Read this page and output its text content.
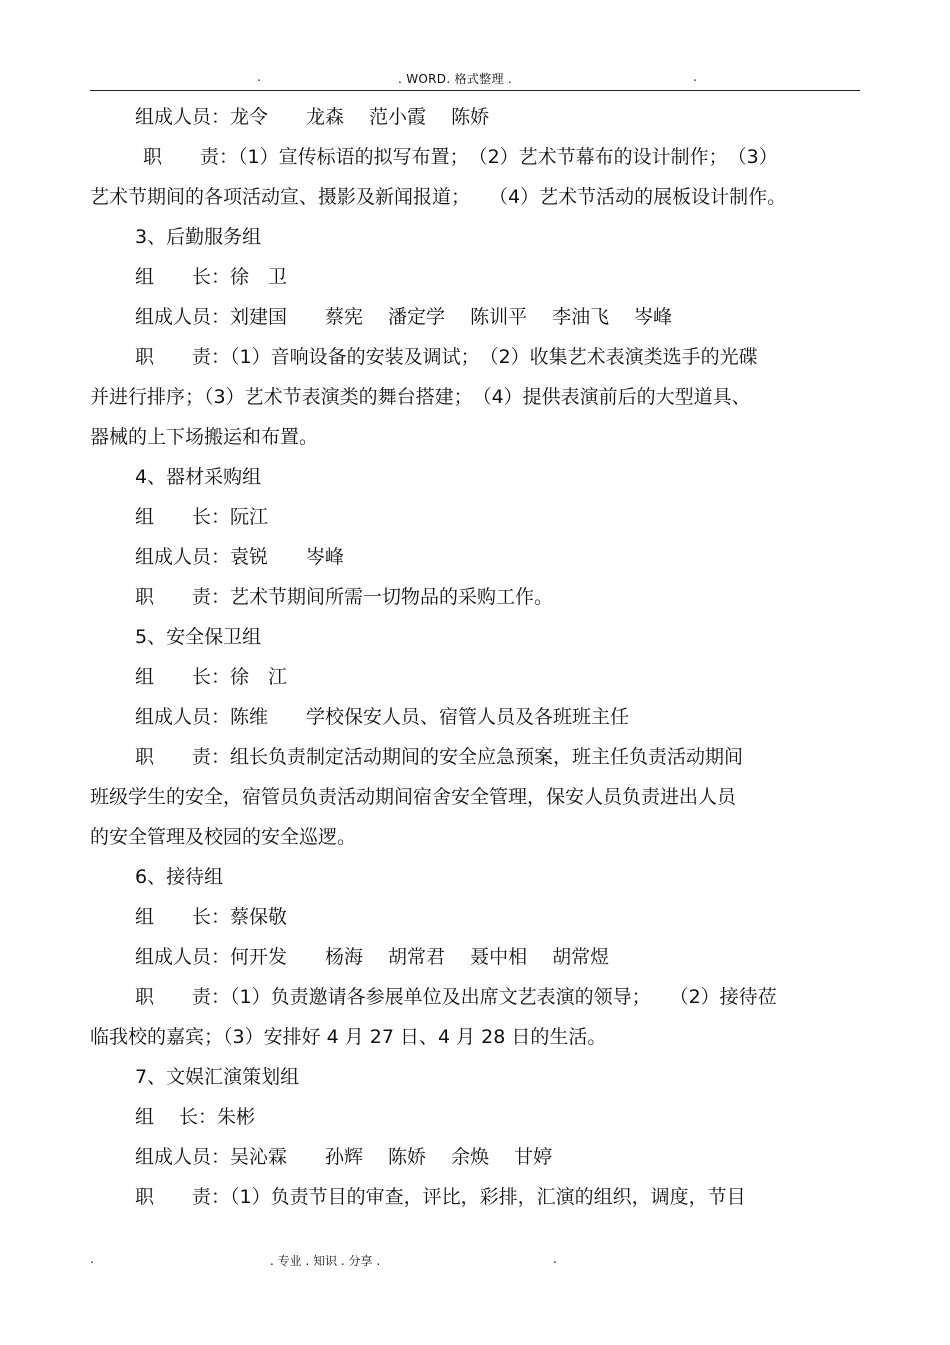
.	. WORD. 格式整理 .	.
组成人员：龙令　　龙森　 范小霞　 陈娇
职　　责：（1）宣传标语的拟写布置；　（2）艺术节幕布的设计制作；　（3）
艺术节期间的各项活动宣、摄影及新闻报道；　　（4）艺术节活动的展板设计制作。
3、后勤服务组
组　　长：徐　卫
组成人员：刘建国　　蔡宪　 潘定学　 陈训平　 李油飞　 岑峰
职　　责：（1）音响设备的安装及调试；　（2）收集艺术表演类选手的光碟
并进行排序；（3）艺术节表演类的舞台搭建；　（4）提供表演前后的大型道具、
器械的上下场搬运和布置。
4、器材采购组
组　　长：阮江
组成人员：袁锐　　岑峰
职　　责：艺术节期间所需一切物品的采购工作。
5、安全保卫组
组　　长：徐　江
组成人员：陈维　　学校保安人员、宿管人员及各班班主任
职　　责：组长负责制定活动期间的安全应急预案，班主任负责活动期间
班级学生的安全，宿管员负责活动期间宿舍安全管理，保安人员负责进出人员
的安全管理及校园的安全巡逻。
6、接待组
组　　长：蔡保敬
组成人员：何开发　　杨海　 胡常君　 聂中相　 胡常煜
职　　责：（1）负责邀请各参展单位及出席文艺表演的领导；　　（2）接待莅
临我校的嘉宾；（3）安排好 4 月 27 日、4 月 28 日的生活。
7、文娱汇演策划组
组　 长：朱彬
组成人员：吴沁霖　　孙辉　 陈娇　 余焕　 甘婷
职　　责：（1）负责节目的审查，评比，彩排，汇演的组织，调度，节目
.	. 专业 . 知识 . 分享 .	.
